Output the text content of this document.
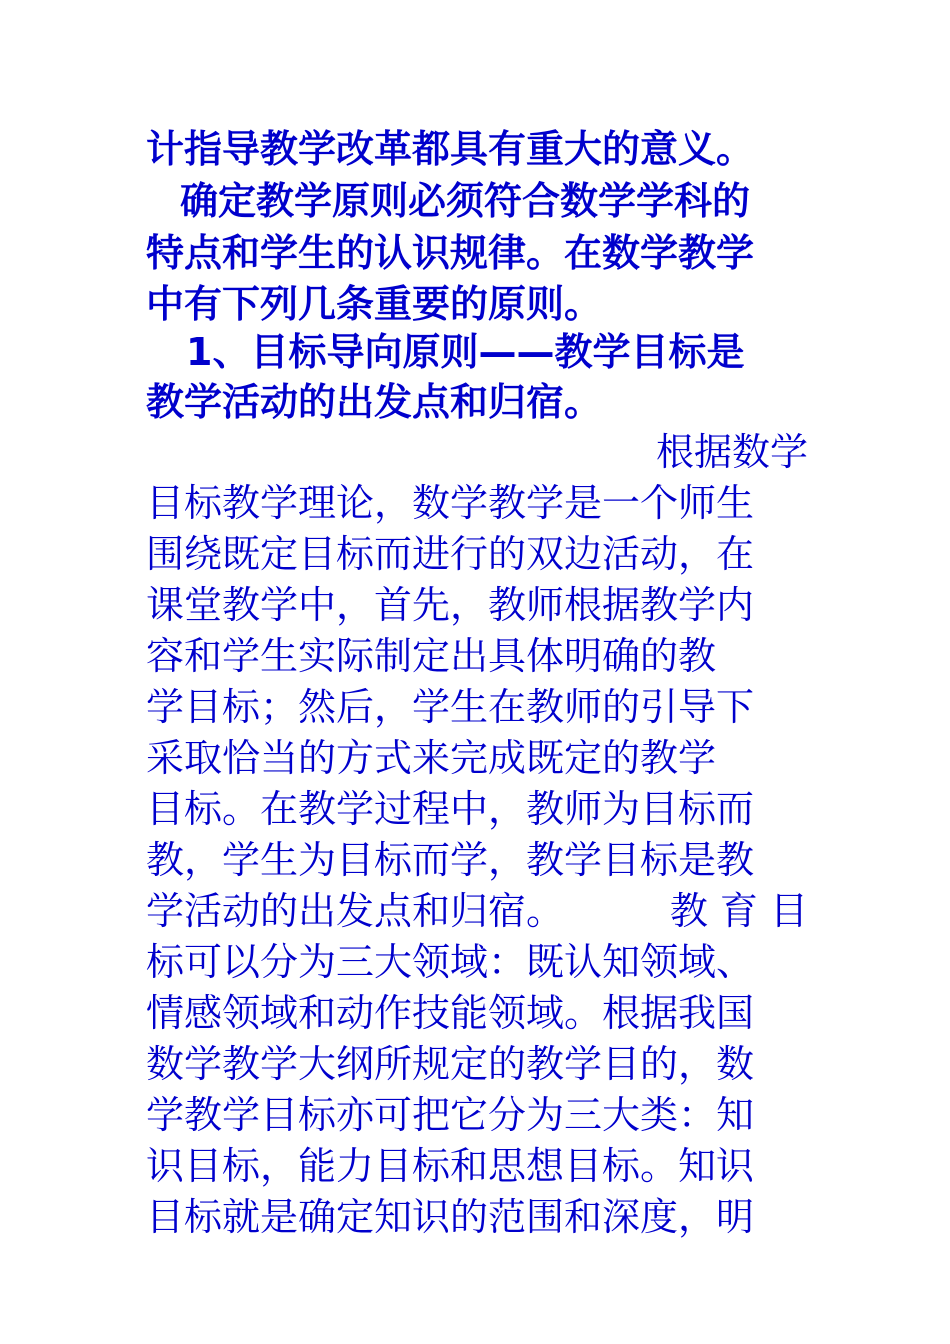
计指导教学改革都具有重大的意义。
确定教学原则必须符合数学学科的
特点和学生的认识规律。在数学教学
中有下列几条重要的原则。
1、目标导向原则——教学目标是
教学活动的出发点和归宿。
根据数学
目标教学理论，数学教学是一个师生
围绕既定目标而进行的双边活动，在
课堂教学中，首先，教师根据教学内
容和学生实际制定出具体明确的教
学目标；然后，学生在教师的引导下
采取恰当的方式来完成既定的教学
目标。在教学过程中，教师为目标而
教，学生为目标而学，教学目标是教
学活动的出发点和归宿。	教 育 目
标可以分为三大领域：既认知领域、
情感领域和动作技能领域。根据我国
数学教学大纲所规定的教学目的，数
学教学目标亦可把它分为三大类：知
识目标，能力目标和思想目标。知识
目标就是确定知识的范围和深度，明
